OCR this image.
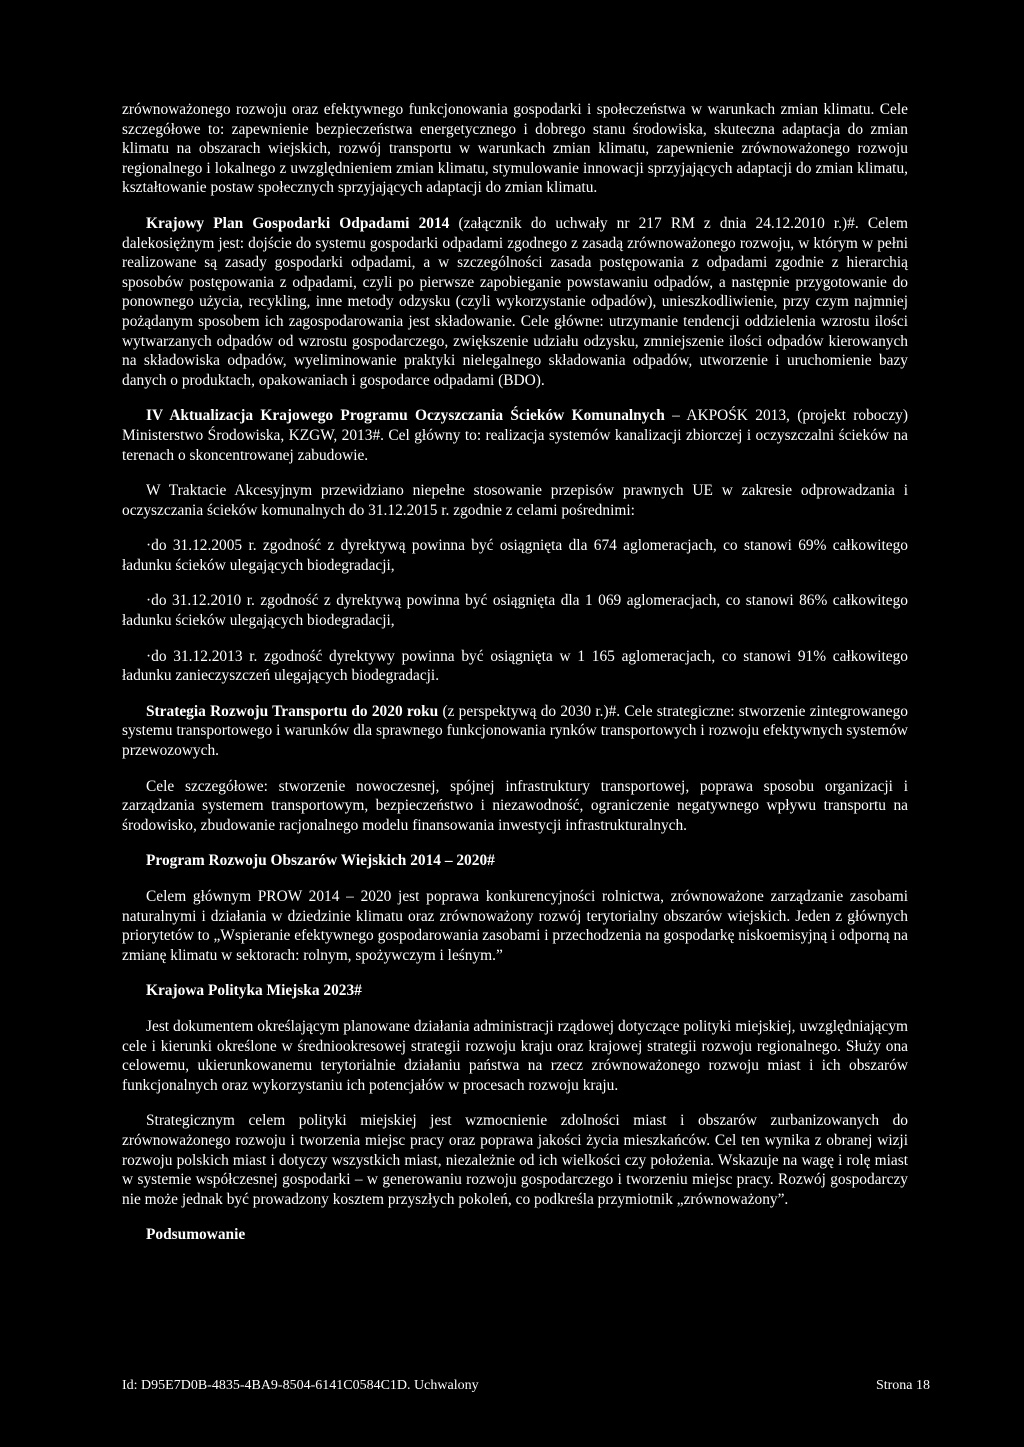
zrównoważonego rozwoju oraz efektywnego funkcjonowania gospodarki i społeczeństwa w warunkach zmian klimatu. Cele szczegółowe to: zapewnienie bezpieczeństwa energetycznego i dobrego stanu środowiska, skuteczna adaptacja do zmian klimatu na obszarach wiejskich, rozwój transportu w warunkach zmian klimatu, zapewnienie zrównoważonego rozwoju regionalnego i lokalnego z uwzględnieniem zmian klimatu, stymulowanie innowacji sprzyjających adaptacji do zmian klimatu, kształtowanie postaw społecznych sprzyjających adaptacji do zmian klimatu.

Krajowy Plan Gospodarki Odpadami 2014 (załącznik do uchwały nr 217 RM z dnia 24.12.2010 r.)#. Celem dalekosiężnym jest: dojście do systemu gospodarki odpadami zgodnego z zasadą zrównoważonego rozwoju, w którym w pełni realizowane są zasady gospodarki odpadami, a w szczególności zasada postępowania z odpadami zgodnie z hierarchią sposobów postępowania z odpadami, czyli po pierwsze zapobieganie powstawaniu odpadów, a następnie przygotowanie do ponownego użycia, recykling, inne metody odzysku (czyli wykorzystanie odpadów), unieszkodliwienie, przy czym najmniej pożądanym sposobem ich zagospodarowania jest składowanie. Cele główne: utrzymanie tendencji oddzielenia wzrostu ilości wytwarzanych odpadów od wzrostu gospodarczego, zwiększenie udziału odzysku, zmniejszenie ilości odpadów kierowanych na składowiska odpadów, wyeliminowanie praktyki nielegalnego składowania odpadów, utworzenie i uruchomienie bazy danych o produktach, opakowaniach i gospodarce odpadami (BDO).

IV Aktualizacja Krajowego Programu Oczyszczania Ścieków Komunalnych – AKPOŚK 2013, (projekt roboczy) Ministerstwo Środowiska, KZGW, 2013#. Cel główny to: realizacja systemów kanalizacji zbiorczej i oczyszczalni ścieków na terenach o skoncentrowanej zabudowie.

W Traktacie Akcesyjnym przewidziano niepełne stosowanie przepisów prawnych UE w zakresie odprowadzania i oczyszczania ścieków komunalnych do 31.12.2015 r. zgodnie z celami pośrednimi:

·do 31.12.2005 r. zgodność z dyrektywą powinna być osiągnięta dla 674 aglomeracjach, co stanowi 69% całkowitego ładunku ścieków ulegających biodegradacji,

·do 31.12.2010 r. zgodność z dyrektywą powinna być osiągnięta dla 1 069 aglomeracjach, co stanowi 86% całkowitego ładunku ścieków ulegających biodegradacji,

·do 31.12.2013 r. zgodność dyrektywy powinna być osiągnięta w 1 165 aglomeracjach, co stanowi 91% całkowitego ładunku zanieczyszczeń ulegających biodegradacji.

Strategia Rozwoju Transportu do 2020 roku (z perspektywą do 2030 r.)#. Cele strategiczne: stworzenie zintegrowanego systemu transportowego i warunków dla sprawnego funkcjonowania rynków transportowych i rozwoju efektywnych systemów przewozowych.

Cele szczegółowe: stworzenie nowoczesnej, spójnej infrastruktury transportowej, poprawa sposobu organizacji i zarządzania systemem transportowym, bezpieczeństwo i niezawodność, ograniczenie negatywnego wpływu transportu na środowisko, zbudowanie racjonalnego modelu finansowania inwestycji infrastrukturalnych.

Program Rozwoju Obszarów Wiejskich 2014 – 2020#

Celem głównym PROW 2014 – 2020 jest poprawa konkurencyjności rolnictwa, zrównoważone zarządzanie zasobami naturalnymi i działania w dziedzinie klimatu oraz zrównoważony rozwój terytorialny obszarów wiejskich. Jeden z głównych priorytetów to „Wspieranie efektywnego gospodarowania zasobami i przechodzenia na gospodarkę niskoemisyjną i odporną na zmianę klimatu w sektorach: rolnym, spożywczym i leśnym.”

Krajowa Polityka Miejska 2023#

Jest dokumentem określającym planowane działania administracji rządowej dotyczące polityki miejskiej, uwzględniającym cele i kierunki określone w średniookresowej strategii rozwoju kraju oraz krajowej strategii rozwoju regionalnego. Służy ona celowemu, ukierunkowanemu terytorialnie działaniu państwa na rzecz zrównoważonego rozwoju miast i ich obszarów funkcjonalnych oraz wykorzystaniu ich potencjałów w procesach rozwoju kraju.

Strategicznym celem polityki miejskiej jest wzmocnienie zdolności miast i obszarów zurbanizowanych do zrównoważonego rozwoju i tworzenia miejsc pracy oraz poprawa jakości życia mieszkańców. Cel ten wynika z obranej wizji rozwoju polskich miast i dotyczy wszystkich miast, niezależnie od ich wielkości czy położenia. Wskazuje na wagę i rolę miast w systemie współczesnej gospodarki – w generowaniu rozwoju gospodarczego i tworzeniu miejsc pracy. Rozwój gospodarczy nie może jednak być prowadzony kosztem przyszłych pokoleń, co podkreśla przymiotnik „zrównoważony”.

Podsumowanie

Id: D95E7D0B-4835-4BA9-8504-6141C0584C1D. Uchwalony	Strona 18
